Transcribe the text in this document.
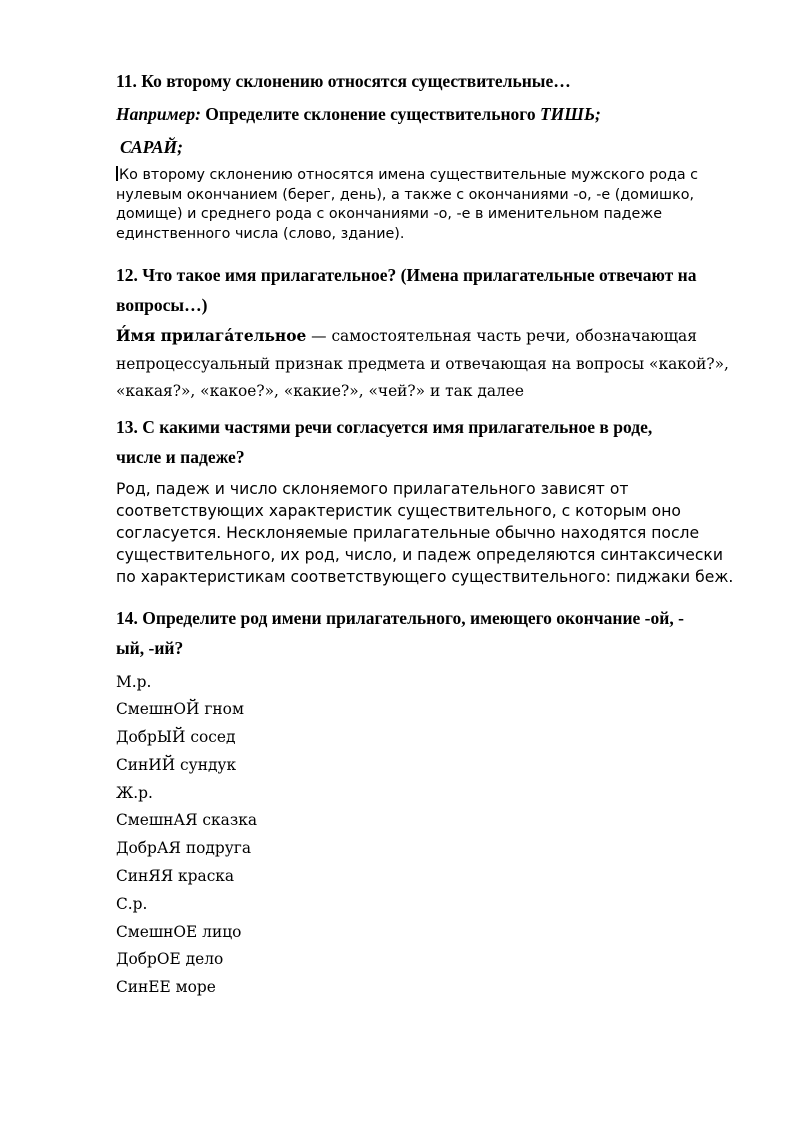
11. Ко второму склонению относятся существительные…

Например: Определите склонение существительного ТИШЬ;

САРАЙ;

Ко второму склонению относятся имена существительные мужского рода с нулевым окончанием (берег, день), а также с окончаниями -о, -е (домишко, домище) и среднего рода с окончаниями -о, -е в именительном падеже единственного числа (слово, здание).

12. Что такое имя прилагательное? (Имена прилагательные отвечают на
вопросы…)

И́мя прилага́тельное — самостоятельная часть речи, обозначающая непроцессуальный признак предмета и отвечающая на вопросы «какой?», «какая?», «какое?», «какие?», «чей?» и так далее

13. С какими частями речи согласуется имя прилагательное в роде,
числе и падеже?

Род, падеж и число склоняемого прилагательного зависят от соответствующих характеристик существительного, с которым оно согласуется. Несклоняемые прилагательные обычно находятся после существительного, их род, число, и падеж определяются синтаксически по характеристикам соответствующего существительного: пиджаки беж.

14. Определите род имени прилагательного, имеющего окончание -ой, -
ый, -ий?

М.р.

СмешнОЙ гном

ДобрЫЙ сосед

СинИЙ сундук

Ж.р.

СмешнАЯ сказка

ДобрАЯ подруга

СинЯЯ краска

С.р.

СмешнОЕ лицо

ДобрОЕ дело

СинЕЕ море
